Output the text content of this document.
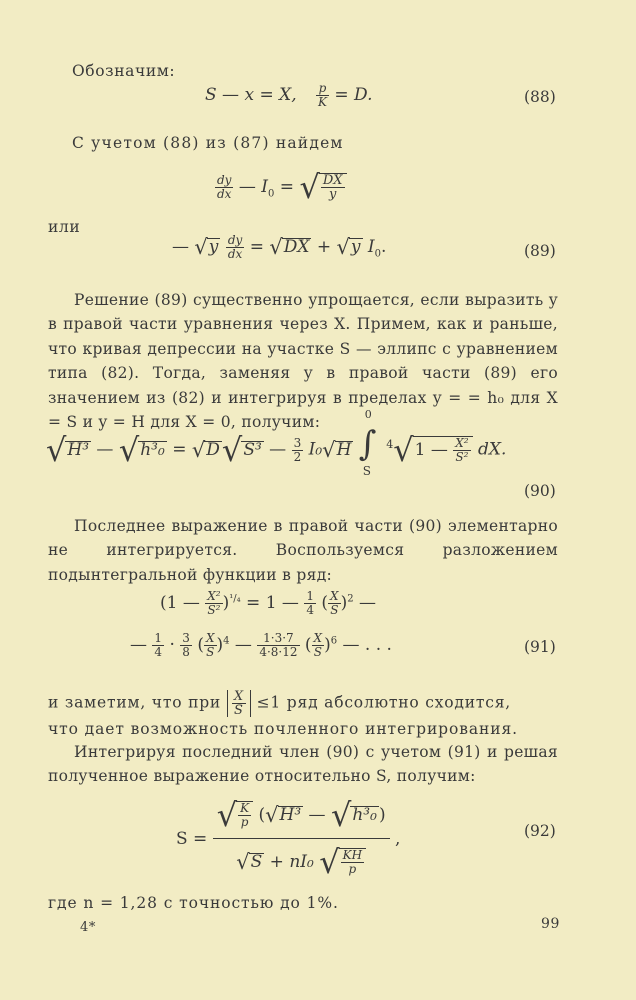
Обозначим:
S — x = X, $\frac{p}{K} = D$.	(88)
С учетом (88) из (87) найдем
$\frac{dy}{dx}$ — $I_0$ = √ $\frac{DX}{y}$
или
— $√y \frac{dy}{dx} = √DX + √y$ $I_0$.	(89)

Решение (89) существенно упрощается, если выразить y в правой части уравнения через X. Примем, как и раньше, что кривая депрессии на участке S — эллипс с уравнением типа (82). Тогда, заменяя y в правой части (89) его значением из (82) и интегрируя в пределах y = = h₀ для X = S и y = H для X = 0, получим:

√H³ — √h³₀ = √D√S³ — $\frac{3}{2} I_0√H$
0
∫
S
$^4$√1 — $\frac{\text{X²}}{\text{S²}}$ dX.
(90)

Последнее выражение в правой части (90) элементарно не интегрируется. Воспользуемся разложением подынтегральной функции в ряд:

(1 — $\frac{\text{X²}}{\text{S²}} )^{^1/_4} = 1$ — $\frac{1}{4}$ ( $\frac{X}{S} )^2$ —
— $\frac{1}{4} \cdot \frac{3}{8}$ ( $\frac{X}{S} )^4$ — $\frac{1\cdot 3\cdot 7}{4\cdot 8\cdot 12}$ ( $\frac{X}{S} )^6$ — . . .	(91)
и заметим, что при $\frac{X}{S} \le 1$ ряд абсолютно сходится,
что дает возможность почленного интегрирования.

Интегрируя последний член (90) с учетом (91) и решая полученное выражение относительно S, получим:

S =
√ $\frac{K}{p} (√H^3$ — √h³₀ )
√S + nI₀ √ $\frac{KH}{p}$
,	(92)
где n = 1,28 с точностью до 1%.
4*	99
